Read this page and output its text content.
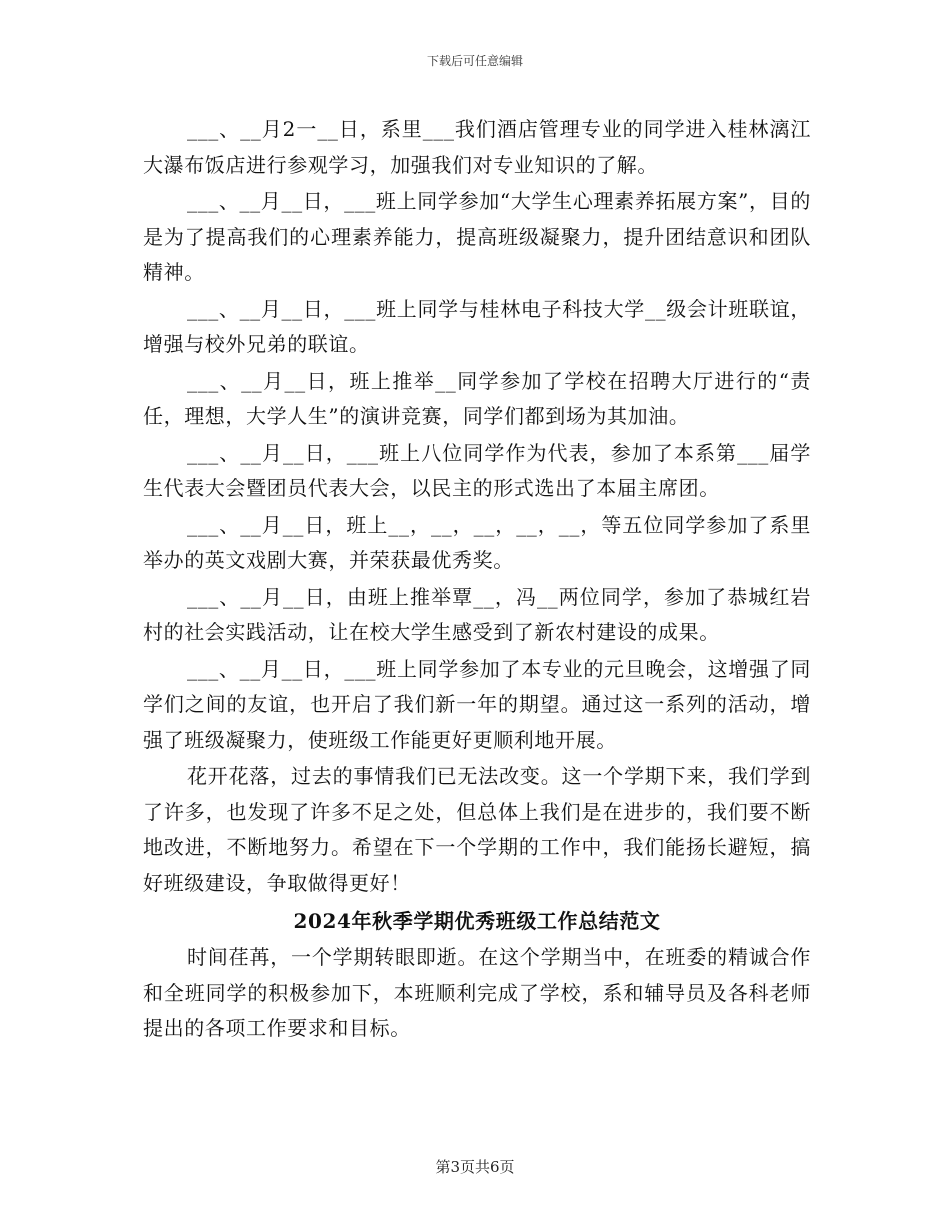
下载后可任意编辑

___、__月2一__日，系里___我们酒店管理专业的同学进入桂林漓江大瀑布饭店进行参观学习，加强我们对专业知识的了解。

___、__月__日，___班上同学参加“大学生心理素养拓展方案”，目的是为了提高我们的心理素养能力，提高班级凝聚力，提升团结意识和团队精神。

___、__月__日，___班上同学与桂林电子科技大学__级会计班联谊，增强与校外兄弟的联谊。

___、__月__日，班上推举__同学参加了学校在招聘大厅进行的“责任，理想，大学人生”的演讲竞赛，同学们都到场为其加油。

___、__月__日，___班上八位同学作为代表，参加了本系第___届学生代表大会暨团员代表大会，以民主的形式选出了本届主席团。

___、__月__日，班上__，__，__，__，__，等五位同学参加了系里举办的英文戏剧大赛，并荣获最优秀奖。

___、__月__日，由班上推举覃__，冯__两位同学，参加了恭城红岩村的社会实践活动，让在校大学生感受到了新农村建设的成果。

___、__月__日，___班上同学参加了本专业的元旦晚会，这增强了同学们之间的友谊，也开启了我们新一年的期望。通过这一系列的活动，增强了班级凝聚力，使班级工作能更好更顺利地开展。

花开花落，过去的事情我们已无法改变。这一个学期下来，我们学到了许多，也发现了许多不足之处，但总体上我们是在进步的，我们要不断地改进，不断地努力。希望在下一个学期的工作中，我们能扬长避短，搞好班级建设，争取做得更好！

2024年秋季学期优秀班级工作总结范文

时间荏苒，一个学期转眼即逝。在这个学期当中，在班委的精诚合作和全班同学的积极参加下，本班顺利完成了学校，系和辅导员及各科老师提出的各项工作要求和目标。

第3页共6页
